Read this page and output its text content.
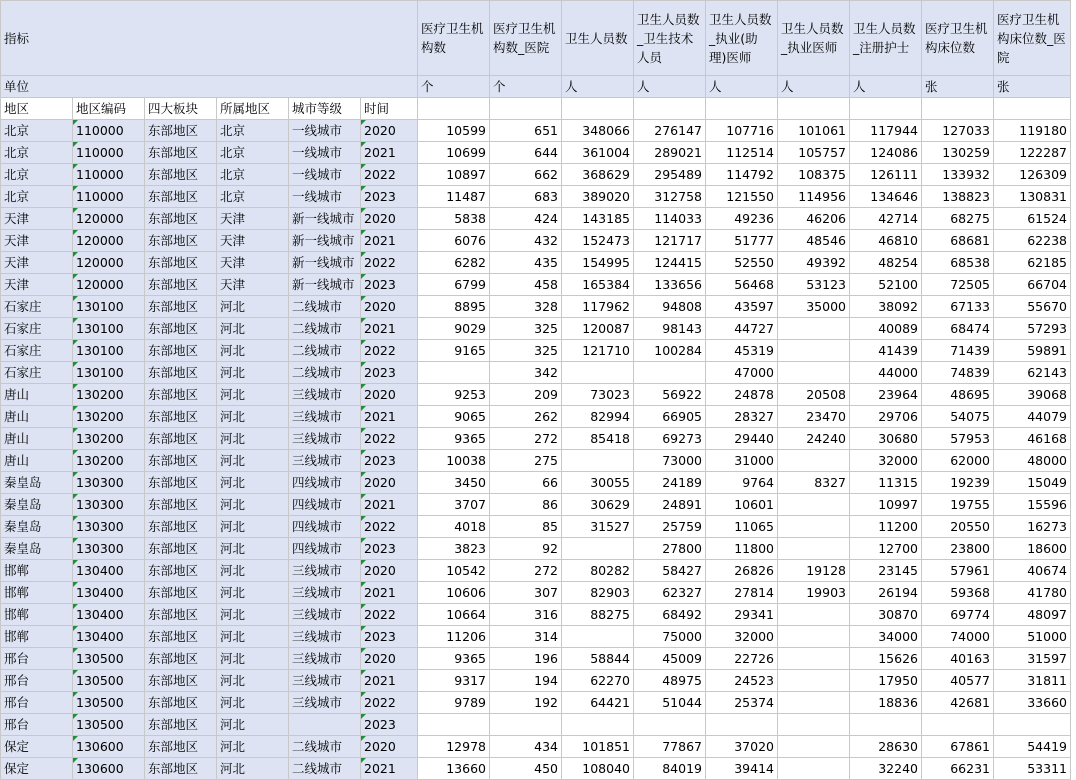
指标						医疗卫生机构数	医疗卫生机构数_医院	卫生人员数	卫生人员数_卫生技术人员	卫生人员数_执业(助理)医师	卫生人员数_执业医师	卫生人员数_注册护士	医疗卫生机构床位数	医疗卫生机构床位数_医院
单位						个	个	人	人	人	人	人	张	张
地区	地区编码	四大板块	所属地区	城市等级	时间									
北京	110000	东部地区	北京	一线城市	2020	10599	651	348066	276147	107716	101061	117944	127033	119180
北京	110000	东部地区	北京	一线城市	2021	10699	644	361004	289021	112514	105757	124086	130259	122287
北京	110000	东部地区	北京	一线城市	2022	10897	662	368629	295489	114792	108375	126111	133932	126309
北京	110000	东部地区	北京	一线城市	2023	11487	683	389020	312758	121550	114956	134646	138823	130831
天津	120000	东部地区	天津	新一线城市	2020	5838	424	143185	114033	49236	46206	42714	68275	61524
天津	120000	东部地区	天津	新一线城市	2021	6076	432	152473	121717	51777	48546	46810	68681	62238
天津	120000	东部地区	天津	新一线城市	2022	6282	435	154995	124415	52550	49392	48254	68538	62185
天津	120000	东部地区	天津	新一线城市	2023	6799	458	165384	133656	56468	53123	52100	72505	66704
石家庄	130100	东部地区	河北	二线城市	2020	8895	328	117962	94808	43597	35000	38092	67133	55670
石家庄	130100	东部地区	河北	二线城市	2021	9029	325	120087	98143	44727		40089	68474	57293
石家庄	130100	东部地区	河北	二线城市	2022	9165	325	121710	100284	45319		41439	71439	59891
石家庄	130100	东部地区	河北	二线城市	2023		342			47000		44000	74839	62143
唐山	130200	东部地区	河北	三线城市	2020	9253	209	73023	56922	24878	20508	23964	48695	39068
唐山	130200	东部地区	河北	三线城市	2021	9065	262	82994	66905	28327	23470	29706	54075	44079
唐山	130200	东部地区	河北	三线城市	2022	9365	272	85418	69273	29440	24240	30680	57953	46168
唐山	130200	东部地区	河北	三线城市	2023	10038	275		73000	31000		32000	62000	48000
秦皇岛	130300	东部地区	河北	四线城市	2020	3450	66	30055	24189	9764	8327	11315	19239	15049
秦皇岛	130300	东部地区	河北	四线城市	2021	3707	86	30629	24891	10601		10997	19755	15596
秦皇岛	130300	东部地区	河北	四线城市	2022	4018	85	31527	25759	11065		11200	20550	16273
秦皇岛	130300	东部地区	河北	四线城市	2023	3823	92		27800	11800		12700	23800	18600
邯郸	130400	东部地区	河北	三线城市	2020	10542	272	80282	58427	26826	19128	23145	57961	40674
邯郸	130400	东部地区	河北	三线城市	2021	10606	307	82903	62327	27814	19903	26194	59368	41780
邯郸	130400	东部地区	河北	三线城市	2022	10664	316	88275	68492	29341		30870	69774	48097
邯郸	130400	东部地区	河北	三线城市	2023	11206	314		75000	32000		34000	74000	51000
邢台	130500	东部地区	河北	三线城市	2020	9365	196	58844	45009	22726		15626	40163	31597
邢台	130500	东部地区	河北	三线城市	2021	9317	194	62270	48975	24523		17950	40577	31811
邢台	130500	东部地区	河北	三线城市	2022	9789	192	64421	51044	25374		18836	42681	33660
邢台	130500	东部地区	河北		2023									
保定	130600	东部地区	河北	二线城市	2020	12978	434	101851	77867	37020		28630	67861	54419
保定	130600	东部地区	河北	二线城市	2021	13660	450	108040	84019	39414		32240	66231	53311
